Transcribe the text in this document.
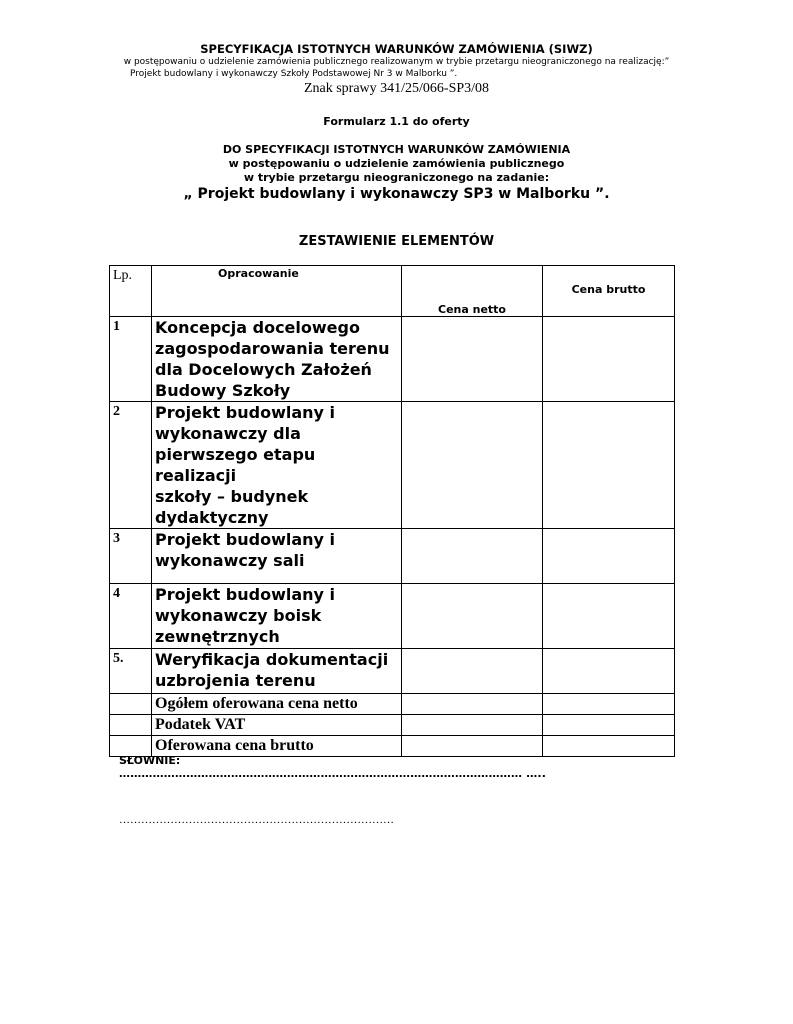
SPECYFIKACJA ISTOTNYCH WARUNKÓW ZAMÓWIENIA (SIWZ)
w postępowaniu o udzielenie zamówienia publicznego realizowanym w trybie przetargu nieograniczonego na realizację:”
Projekt budowlany i wykonawczy Szkoły Podstawowej Nr 3 w Malborku ”.
Znak sprawy 341/25/066-SP3/08
Formularz 1.1 do oferty
DO SPECYFIKACJI ISTOTNYCH WARUNKÓW ZAMÓWIENIA
w postępowaniu o udzielenie zamówienia publicznego
w trybie przetargu nieograniczonego na zadanie:
„ Projekt budowlany i wykonawczy SP3 w Malborku ”.
ZESTAWIENIE ELEMENTÓW
Lp.	Opracowanie	Cena netto	Cena brutto
1	Koncepcja docelowego
zagospodarowania terenu
dla Docelowych Założeń
Budowy Szkoły		
2	Projekt budowlany i
wykonawczy dla
pierwszego etapu realizacji
szkoły – budynek
dydaktyczny		
3	Projekt budowlany i
wykonawczy sali		
4	Projekt budowlany i
wykonawczy boisk
zewnętrznych		
5.	Weryfikacja dokumentacji
uzbrojenia terenu		
	Ogółem oferowana cena netto		
	Podatek VAT		
	Oferowana cena brutto		
SŁOWNIE:
……………………………………………………………………………………………… …..
…………………………………………………………………
